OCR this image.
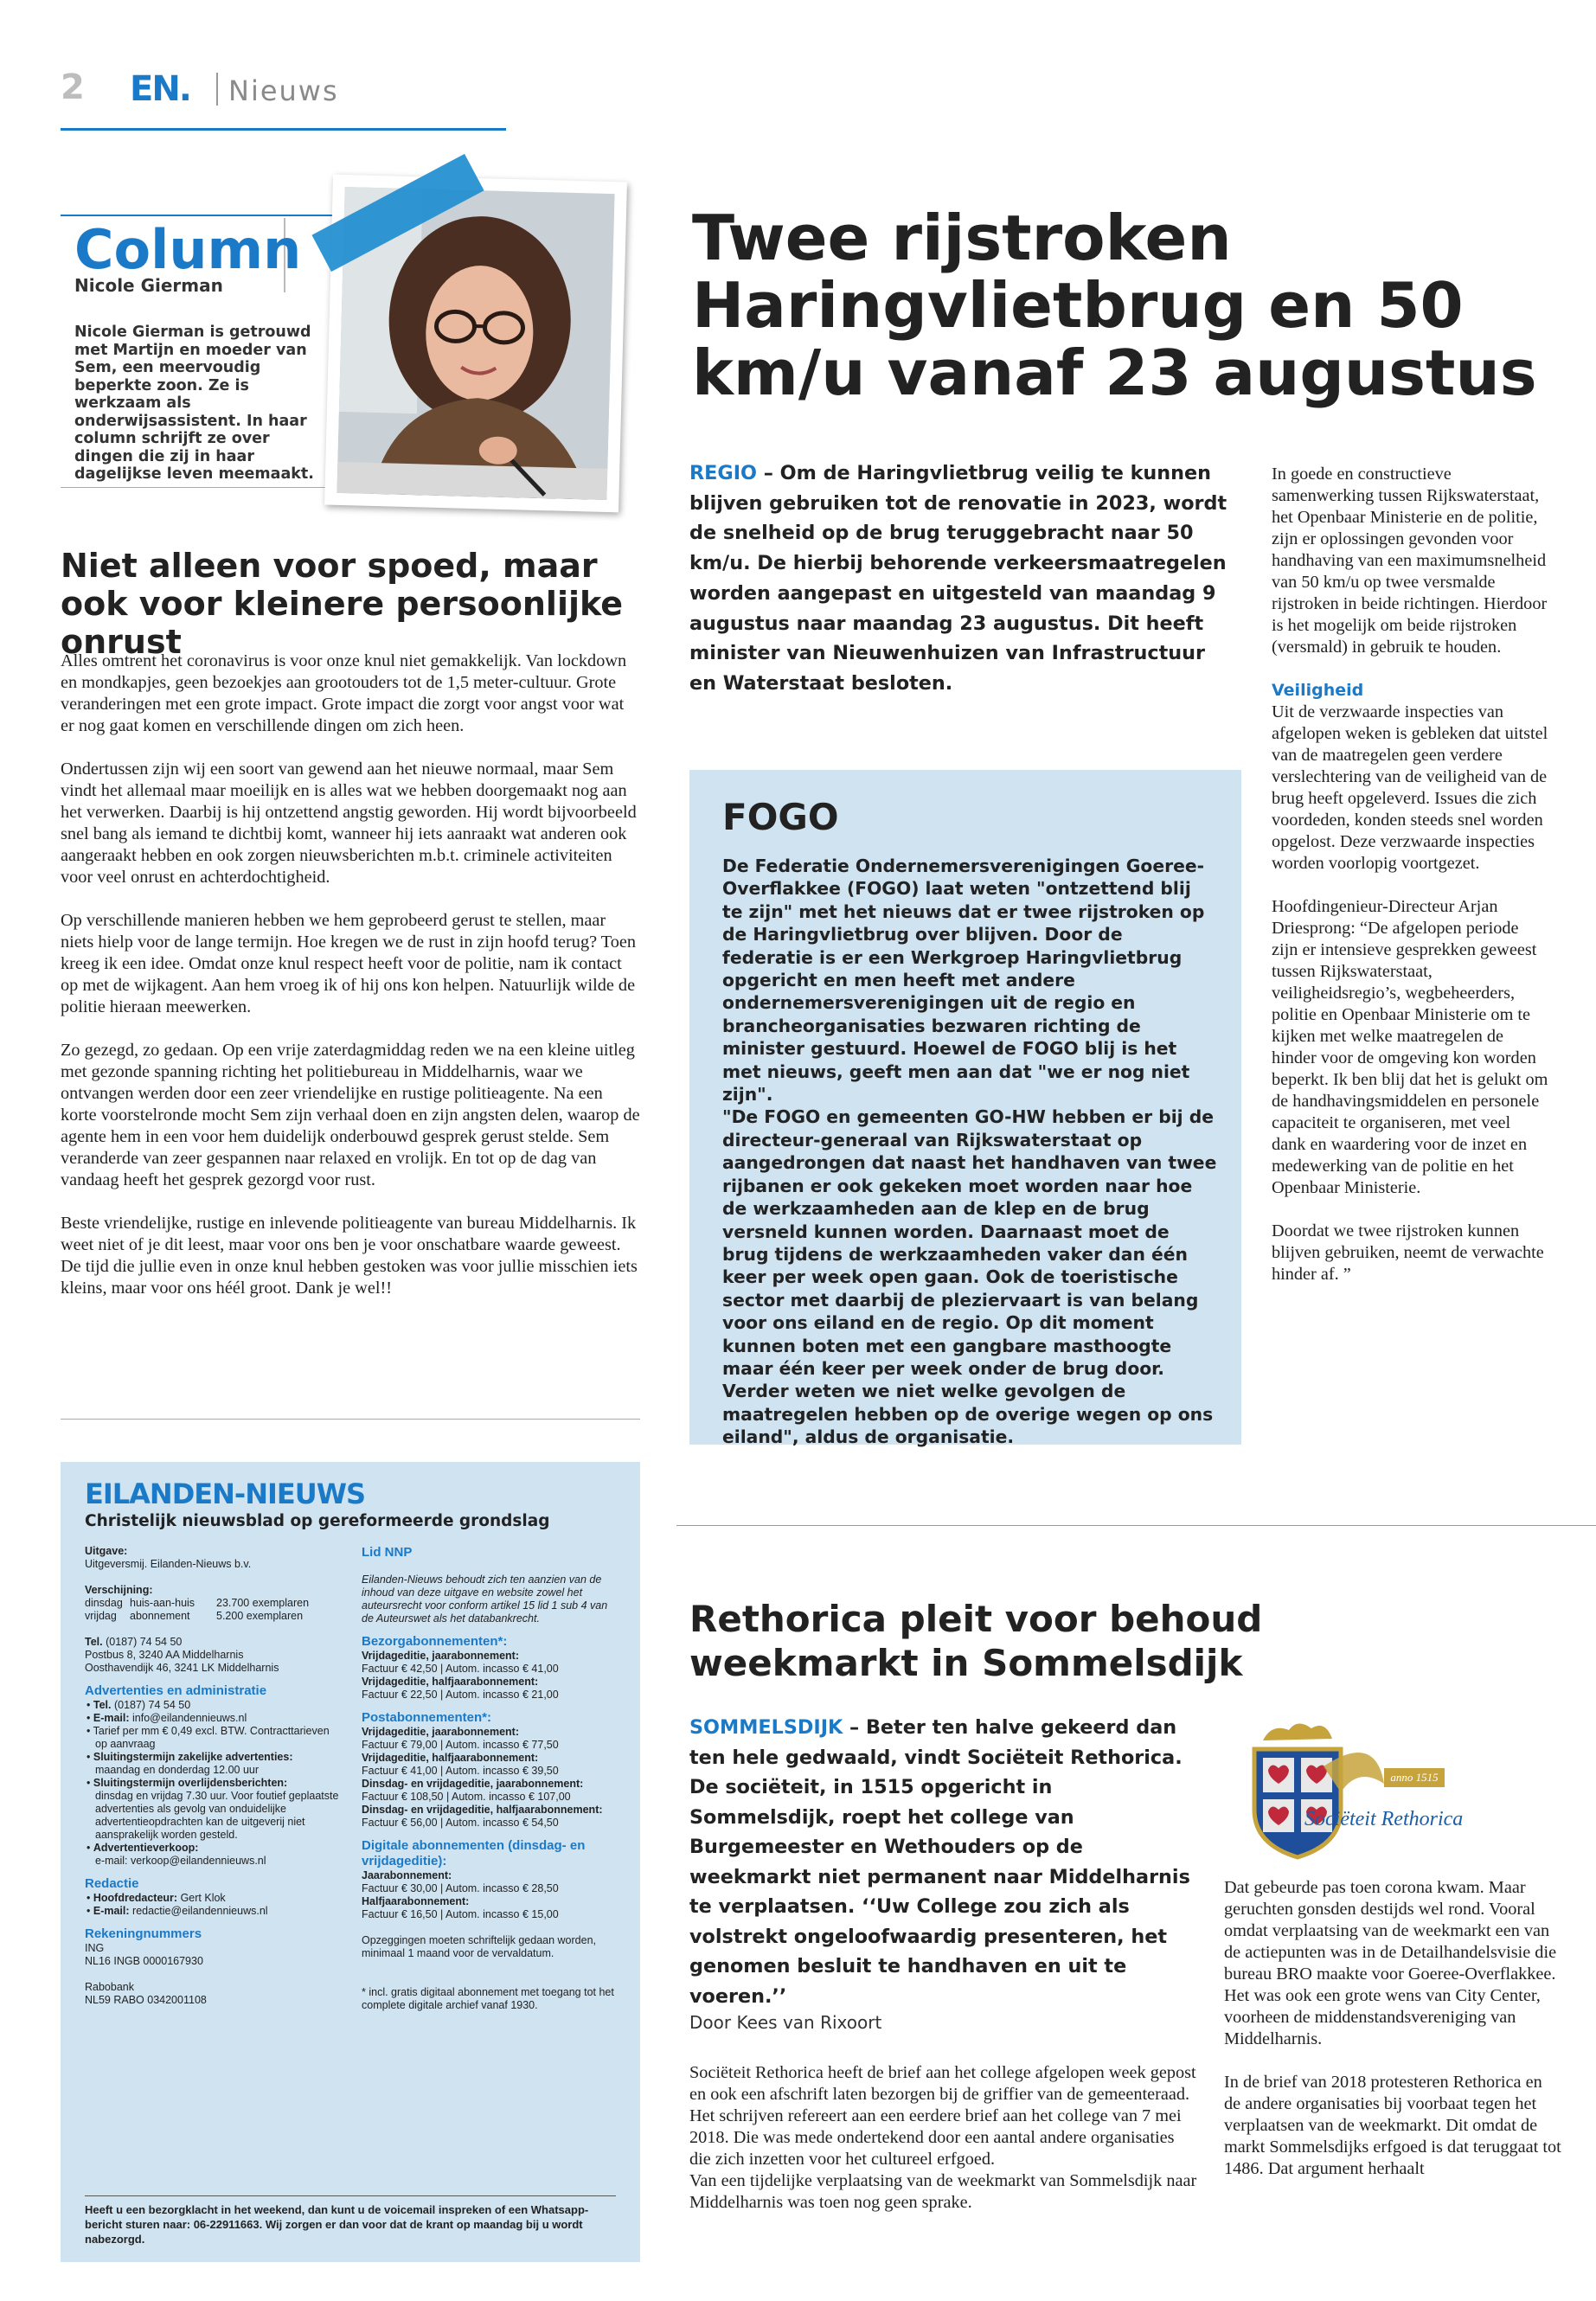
2 EN. Nieuws
Column
Nicole Gierman
Nicole Gierman is getrouwd met Martijn en moeder van Sem, een meervoudig beperkte zoon. Ze is werkzaam als onderwijsassistent. In haar column schrijft ze over dingen die zij in haar dagelijkse leven meemaakt.
Niet alleen voor spoed, maar ook voor kleinere persoonlijke onrust

Alles omtrent het coronavirus is voor onze knul niet gemakkelijk. Van lockdown en mondkapjes, geen bezoekjes aan grootouders tot de 1,5 meter-cultuur. Grote veranderingen met een grote impact. Grote impact die zorgt voor angst voor wat er nog gaat komen en verschillende dingen om zich heen.

Ondertussen zijn wij een soort van gewend aan het nieuwe normaal, maar Sem vindt het allemaal maar moeilijk en is alles wat we hebben doorgemaakt nog aan het verwerken. Daarbij is hij ontzettend angstig geworden. Hij wordt bijvoorbeeld snel bang als iemand te dichtbij komt, wanneer hij iets aanraakt wat anderen ook aangeraakt hebben en ook zorgen nieuwsberichten m.b.t. criminele activiteiten voor veel onrust en achterdochtigheid.

Op verschillende manieren hebben we hem geprobeerd gerust te stellen, maar niets hielp voor de lange termijn. Hoe kregen we de rust in zijn hoofd terug? Toen kreeg ik een idee. Omdat onze knul respect heeft voor de politie, nam ik contact op met de wijkagent. Aan hem vroeg ik of hij ons kon helpen. Natuurlijk wilde de politie hieraan meewerken.

Zo gezegd, zo gedaan. Op een vrije zaterdagmiddag reden we na een kleine uitleg met gezonde spanning richting het politiebureau in Middelharnis, waar we ontvangen werden door een zeer vriendelijke en rustige politieagente. Na een korte voorstelronde mocht Sem zijn verhaal doen en zijn angsten delen, waarop de agente hem in een voor hem duidelijk onderbouwd gesprek gerust stelde. Sem veranderde van zeer gespannen naar relaxed en vrolijk. En tot op de dag van vandaag heeft het gesprek gezorgd voor rust.

Beste vriendelijke, rustige en inlevende politieagente van bureau Middelharnis. Ik weet niet of je dit leest, maar voor ons ben je voor onschatbare waarde geweest. De tijd die jullie even in onze knul hebben gestoken was voor jullie misschien iets kleins, maar voor ons héél groot. Dank je wel!!

Twee rijstroken Haringvlietbrug en 50 km/u vanaf 23 augustus
REGIO – Om de Haringvlietbrug veilig te kunnen blijven gebruiken tot de renovatie in 2023, wordt de snelheid op de brug teruggebracht naar 50 km/u. De hierbij behorende verkeersmaatregelen worden aangepast en uitgesteld van maandag 9 augustus naar maandag 23 augustus. Dit heeft minister van Nieuwenhuizen van Infrastructuur en Waterstaat besloten.
FOGO
De Federatie Ondernemersverenigingen Goeree-Overflakkee (FOGO) laat weten "ontzettend blij te zijn" met het nieuws dat er twee rijstroken op de Haringvlietbrug over blijven. Door de federatie is er een Werkgroep Haringvlietbrug opgericht en men heeft met andere ondernemersverenigingen uit de regio en brancheorganisaties bezwaren richting de minister gestuurd. Hoewel de FOGO blij is het met nieuws, geeft men aan dat "we er nog niet zijn".
"De FOGO en gemeenten GO-HW hebben er bij de directeur-generaal van Rijkswaterstaat op aangedrongen dat naast het handhaven van twee rijbanen er ook gekeken moet worden naar hoe de werkzaamheden aan de klep en de brug versneld kunnen worden. Daarnaast moet de brug tijdens de werkzaamheden vaker dan één keer per week open gaan. Ook de toeristische sector met daarbij de pleziervaart is van belang voor ons eiland en de regio. Op dit moment kunnen boten met een gangbare masthoogte maar één keer per week onder de brug door. Verder weten we niet welke gevolgen de maatregelen hebben op de overige wegen op ons eiland", aldus de organisatie.

In goede en constructieve samenwerking tussen Rijkswaterstaat, het Openbaar Ministerie en de politie, zijn er oplossingen gevonden voor handhaving van een maximumsnelheid van 50 km/u op twee versmalde rijstroken in beide richtingen. Hierdoor is het mogelijk om beide rijstroken (versmald) in gebruik te houden.

Veiligheid

Uit de verzwaarde inspecties van afgelopen weken is gebleken dat uitstel van de maatregelen geen verdere verslechtering van de veiligheid van de brug heeft opgeleverd. Issues die zich voordeden, konden steeds snel worden opgelost. Deze verzwaarde inspecties worden voorlopig voortgezet.

Hoofdingenieur-Directeur Arjan Driesprong: “De afgelopen periode zijn er intensieve gesprekken geweest tussen Rijkswaterstaat, veiligheidsregio’s, wegbeheerders, politie en Openbaar Ministerie om te kijken met welke maatregelen de hinder voor de omgeving kon worden beperkt. Ik ben blij dat het is gelukt om de handhavingsmiddelen en personele capaciteit te organiseren, met veel dank en waardering voor de inzet en medewerking van de politie en het Openbaar Ministerie.

Doordat we twee rijstroken kunnen blijven gebruiken, neemt de verwachte hinder af. ”

EILANDEN-NIEUWS
Christelijk nieuwsblad op gereformeerde grondslag
Uitgave:
Uitgeversmij. Eilanden-Nieuws b.v.
Verschijning:
dinsdag huis-aan-huis 23.700 exemplaren
vrijdag abonnement 5.200 exemplaren
Tel. (0187) 74 54 50
Postbus 8, 3240 AA Middelharnis
Oosthavendijk 46, 3241 LK Middelharnis
Advertenties en administratie
• Tel. (0187) 74 54 50
• E-mail: info@eilandennieuws.nl
• Tarief per mm € 0,49 excl. BTW. Contracttarieven op aanvraag
• Sluitingstermijn zakelijke advertenties:
maandag en donderdag 12.00 uur
• Sluitingstermijn overlijdensberichten:
dinsdag en vrijdag 7.30 uur. Voor foutief geplaatste advertenties als gevolg van onduidelijke advertentieopdrachten kan de uitgeverij niet aansprakelijk worden gesteld.
• Advertentieverkoop:
e-mail: verkoop@eilandennieuws.nl
Redactie
• Hoofdredacteur: Gert Klok
• E-mail: redactie@eilandennieuws.nl
Rekeningnummers
ING
NL16 INGB 0000167930
Rabobank
NL59 RABO 0342001108
Lid NNP
Eilanden-Nieuws behoudt zich ten aanzien van de inhoud van deze uitgave en website zowel het auteursrecht voor conform artikel 15 lid 1 sub 4 van de Auteurswet als het databankrecht.
Bezorgabonnementen*:
Vrijdageditie, jaarabonnement:
Factuur € 42,50 | Autom. incasso € 41,00
Vrijdageditie, halfjaarabonnement:
Factuur € 22,50 | Autom. incasso € 21,00
Postabonnementen*:
Vrijdageditie, jaarabonnement:
Factuur € 79,00 | Autom. incasso € 77,50
Vrijdageditie, halfjaarabonnement:
Factuur € 41,00 | Autom. incasso € 39,50
Dinsdag- en vrijdageditie, jaarabonnement:
Factuur € 108,50 | Autom. incasso € 107,00
Dinsdag- en vrijdageditie, halfjaarabonnement:
Factuur € 56,00 | Autom. incasso € 54,50
Digitale abonnementen (dinsdag- en vrijdageditie):
Jaarabonnement:
Factuur € 30,00 | Autom. incasso € 28,50
Halfjaarabonnement:
Factuur € 16,50 | Autom. incasso € 15,00
Opzeggingen moeten schriftelijk gedaan worden, minimaal 1 maand voor de vervaldatum.
* incl. gratis digitaal abonnement met toegang tot het complete digitale archief vanaf 1930.
Heeft u een bezorgklacht in het weekend, dan kunt u de voicemail inspreken of een Whatsapp-bericht sturen naar: 06-22911663. Wij zorgen er dan voor dat de krant op maandag bij u wordt nabezorgd.
Rethorica pleit voor behoud weekmarkt in Sommelsdijk
SOMMELSDIJK – Beter ten halve gekeerd dan ten hele gedwaald, vindt Sociëteit Rethorica. De sociëteit, in 1515 opgericht in Sommelsdijk, roept het college van Burgemeester en Wethouders op de weekmarkt niet permanent naar Middelharnis te verplaatsen. ‘‘Uw College zou zich als volstrekt ongeloofwaardig presenteren, het genomen besluit te handhaven en uit te voeren.’’
Door Kees van Rixoort
Sociëteit Rethorica heeft de brief aan het college afgelopen week gepost en ook een afschrift laten bezorgen bij de griffier van de gemeenteraad. Het schrijven refereert aan een eerdere brief aan het college van 7 mei 2018. Die was mede ondertekend door een aantal andere organisaties die zich inzetten voor het cultureel erfgoed.
Van een tijdelijke verplaatsing van de weekmarkt van Sommelsdijk naar Middelharnis was toen nog geen sprake.
anno 1515
Sociëteit Rethorica

Dat gebeurde pas toen corona kwam. Maar geruchten gonsden destijds wel rond. Vooral omdat verplaatsing van de weekmarkt een van de actiepunten was in de Detailhandelsvisie die bureau BRO maakte voor Goeree-Overflakkee. Het was ook een grote wens van City Center, voorheen de middenstandsvereniging van Middelharnis.

In de brief van 2018 protesteren Rethorica en de andere organisaties bij voorbaat tegen het verplaatsen van de weekmarkt. Dit omdat de markt Sommelsdijks erfgoed is dat teruggaat tot 1486. Dat argument herhaalt
